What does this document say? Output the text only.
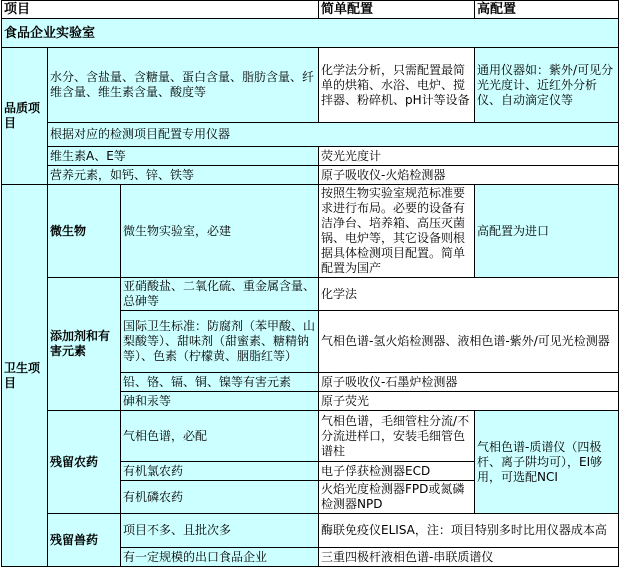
项目			简单配置	高配置
食品企业实验室				
品质项目	水分、含盐量、含糖量、蛋白含量、脂肪含量、纤维含量、维生素含量、酸度等		化学法分析，只需配置最简单的烘箱、水浴、电炉、搅拌器、粉碎机、pH计等设备	通用仪器如：紫外/可见分光光度计、近红外分析仪、自动滴定仪等
	根据对应的检测项目配置专用仪器			
	维生素A、E等		荧光光度计	
	营养元素，如钙、锌、铁等		原子吸收仪-火焰检测器	
卫生项目	微生物	微生物实验室，必建	按照生物实验室规范标准要求进行布局。必要的设备有洁净台、培养箱、高压灭菌锅、电炉等，其它设备则根据具体检测项目配置。简单配置为国产	高配置为进口
	添加剂和有害元素	亚硝酸盐、二氧化硫、重金属含量、总砷等	化学法	
		国际卫生标准：防腐剂（苯甲酸、山梨酸等）、甜味剂（甜蜜素、糖精钠等）、色素（柠檬黄、胭脂红等）	气相色谱-氢火焰检测器、液相色谱-紫外/可见光检测器	
		铅、铬、镉、铜、镍等有害元素	原子吸收仪-石墨炉检测器	
		砷和汞等	原子荧光	
	残留农药	气相色谱，必配	气相色谱，毛细管柱分流/不分流进样口，安装毛细管色谱柱	气相色谱-质谱仪（四极杆、离子阱均可），EI够用，可选配NCI
		有机氯农药	电子俘获检测器ECD	
		有机磷农药	火焰光度检测器FPD或氮磷检测器NPD	
	残留兽药	项目不多、且批次多	酶联免疫仪ELISA，注：项目特别多时比用仪器成本高	
		有一定规模的出口食品企业	三重四极杆液相色谱-串联质谱仪	
